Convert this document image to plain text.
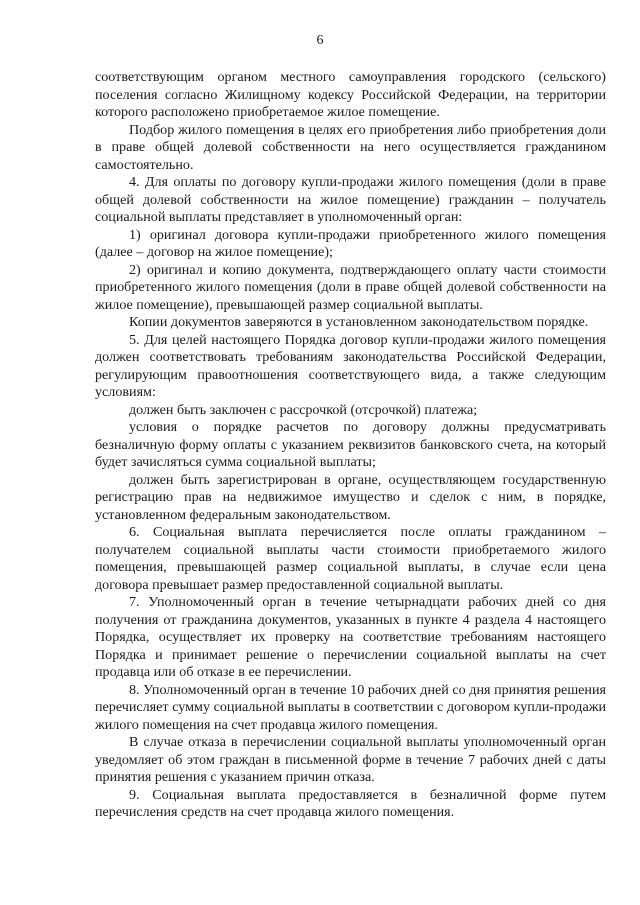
6

соответствующим органом местного самоуправления городского (сельского) поселения согласно Жилищному кодексу Российской Федерации, на территории которого расположено приобретаемое жилое помещение.

Подбор жилого помещения в целях его приобретения либо приобретения доли в праве общей долевой собственности на него осуществляется гражданином самостоятельно.

4. Для оплаты по договору купли-продажи жилого помещения (доли в праве общей долевой собственности на жилое помещение) гражданин – получатель социальной выплаты представляет в уполномоченный орган:

1) оригинал договора купли-продажи приобретенного жилого помещения (далее – договор на жилое помещение);

2) оригинал и копию документа, подтверждающего оплату части стоимости приобретенного жилого помещения (доли в праве общей долевой собственности на жилое помещение), превышающей размер социальной выплаты.

Копии документов заверяются в установленном законодательством порядке.

5. Для целей настоящего Порядка договор купли-продажи жилого помещения должен соответствовать требованиям законодательства Российской Федерации, регулирующим правоотношения соответствующего вида, а также следующим условиям:

должен быть заключен с рассрочкой (отсрочкой) платежа;

условия о порядке расчетов по договору должны предусматривать безналичную форму оплаты с указанием реквизитов банковского счета, на который будет зачисляться сумма социальной выплаты;

должен быть зарегистрирован в органе, осуществляющем государственную регистрацию прав на недвижимое имущество и сделок с ним, в порядке, установленном федеральным законодательством.

6. Социальная выплата перечисляется после оплаты гражданином – получателем социальной выплаты части стоимости приобретаемого жилого помещения, превышающей размер социальной выплаты, в случае если цена договора превышает размер предоставленной социальной выплаты.

7. Уполномоченный орган в течение четырнадцати рабочих дней со дня получения от гражданина документов, указанных в пункте 4 раздела 4 настоящего Порядка, осуществляет их проверку на соответствие требованиям настоящего Порядка и принимает решение о перечислении социальной выплаты на счет продавца или об отказе в ее перечислении.

8. Уполномоченный орган в течение 10 рабочих дней со дня принятия решения перечисляет сумму социальной выплаты в соответствии с договором купли-продажи жилого помещения на счет продавца жилого помещения.

В случае отказа в перечислении социальной выплаты уполномоченный орган уведомляет об этом граждан в письменной форме в течение 7 рабочих дней с даты принятия решения с указанием причин отказа.

9. Социальная выплата предоставляется в безналичной форме путем перечисления средств на счет продавца жилого помещения.
